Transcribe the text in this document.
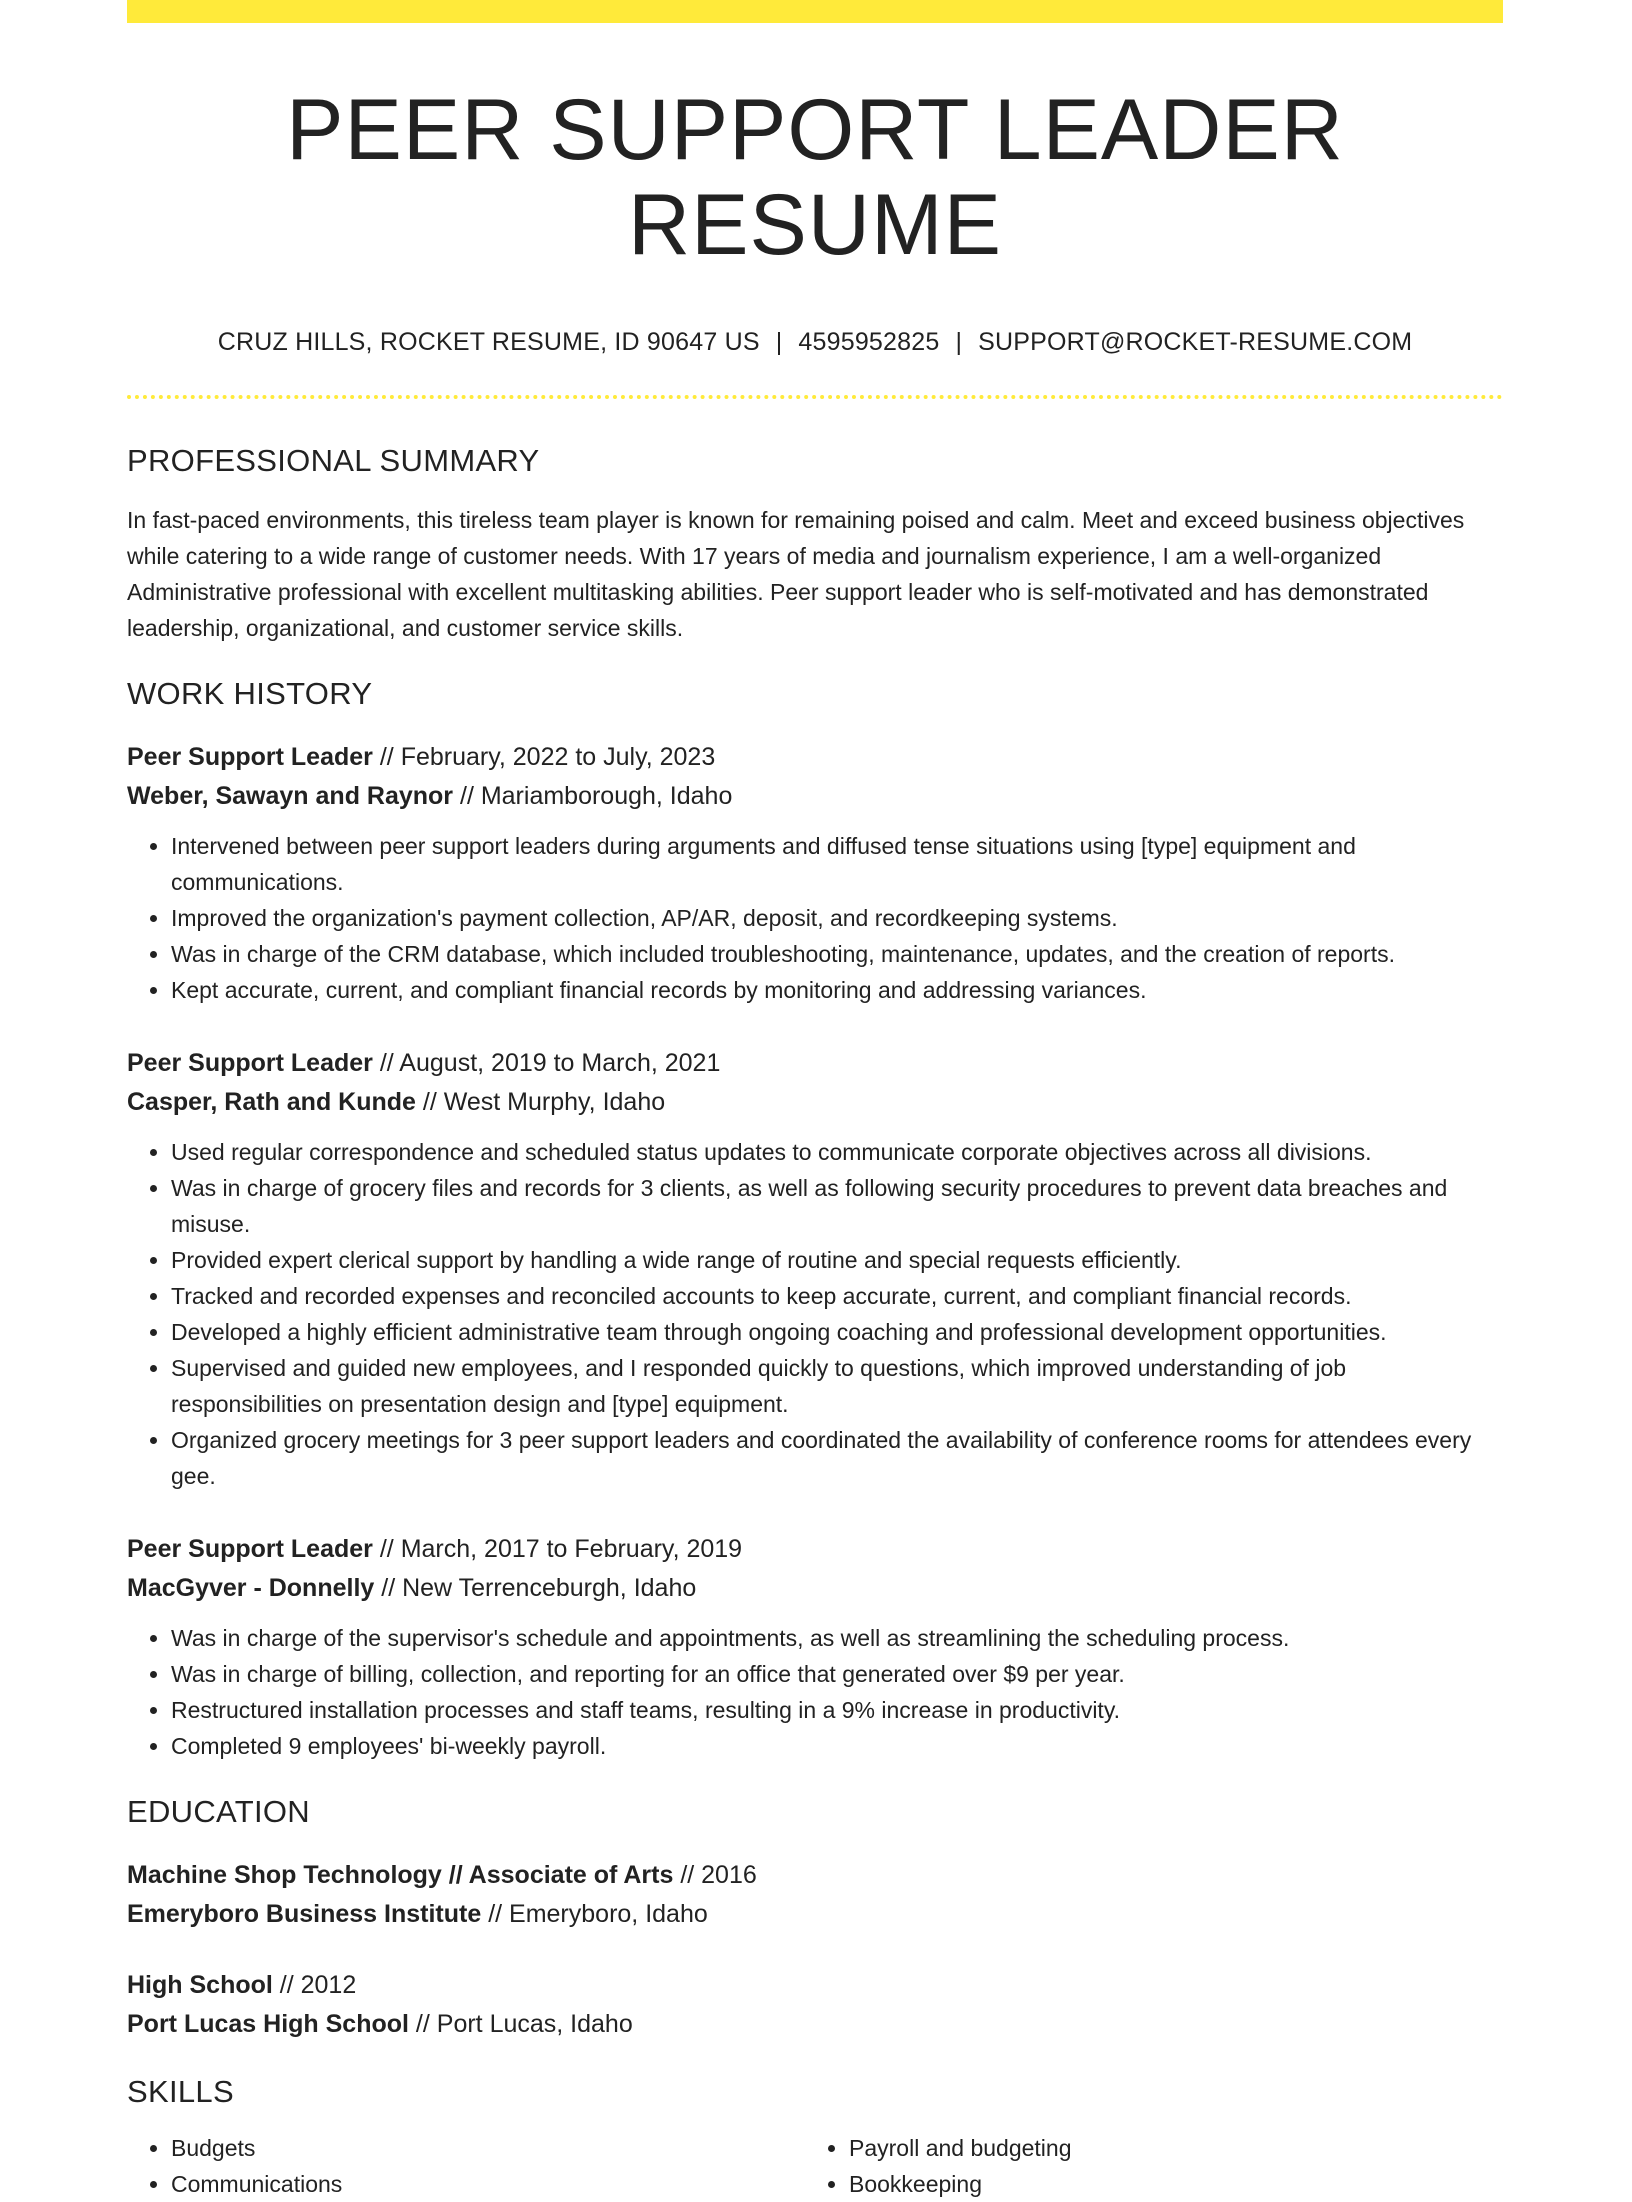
PEER SUPPORT LEADER RESUME
CRUZ HILLS, ROCKET RESUME, ID 90647 US | 4595952825 | SUPPORT@ROCKET-RESUME.COM
PROFESSIONAL SUMMARY
In fast-paced environments, this tireless team player is known for remaining poised and calm. Meet and exceed business objectives while catering to a wide range of customer needs. With 17 years of media and journalism experience, I am a well-organized Administrative professional with excellent multitasking abilities. Peer support leader who is self-motivated and has demonstrated leadership, organizational, and customer service skills.
WORK HISTORY
Peer Support Leader // February, 2022 to July, 2023
Weber, Sawayn and Raynor // Mariamborough, Idaho
• Intervened between peer support leaders during arguments and diffused tense situations using [type] equipment and communications.
• Improved the organization's payment collection, AP/AR, deposit, and recordkeeping systems.
• Was in charge of the CRM database, which included troubleshooting, maintenance, updates, and the creation of reports.
• Kept accurate, current, and compliant financial records by monitoring and addressing variances.
Peer Support Leader // August, 2019 to March, 2021
Casper, Rath and Kunde // West Murphy, Idaho
• Used regular correspondence and scheduled status updates to communicate corporate objectives across all divisions.
• Was in charge of grocery files and records for 3 clients, as well as following security procedures to prevent data breaches and misuse.
• Provided expert clerical support by handling a wide range of routine and special requests efficiently.
• Tracked and recorded expenses and reconciled accounts to keep accurate, current, and compliant financial records.
• Developed a highly efficient administrative team through ongoing coaching and professional development opportunities.
• Supervised and guided new employees, and I responded quickly to questions, which improved understanding of job responsibilities on presentation design and [type] equipment.
• Organized grocery meetings for 3 peer support leaders and coordinated the availability of conference rooms for attendees every gee.
Peer Support Leader // March, 2017 to February, 2019
MacGyver - Donnelly // New Terrenceburgh, Idaho
• Was in charge of the supervisor's schedule and appointments, as well as streamlining the scheduling process.
• Was in charge of billing, collection, and reporting for an office that generated over $9 per year.
• Restructured installation processes and staff teams, resulting in a 9% increase in productivity.
• Completed 9 employees' bi-weekly payroll.
EDUCATION
Machine Shop Technology // Associate of Arts // 2016
Emeryboro Business Institute // Emeryboro, Idaho
High School // 2012
Port Lucas High School // Port Lucas, Idaho
SKILLS
• Budgets
• Communications
• Payroll and budgeting
• Bookkeeping
